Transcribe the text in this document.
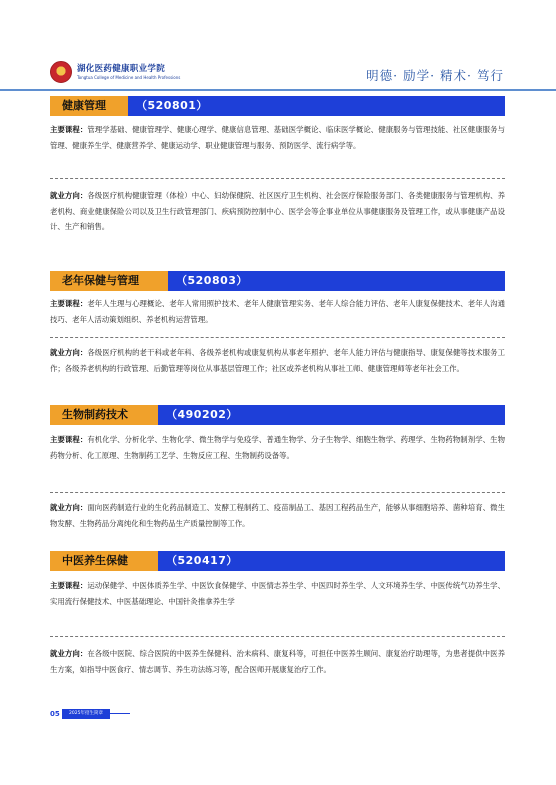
湖化医药健康职业学院
Tongtua College of Medicine and Health Professions	明德· 励学· 精术· 笃行
健康管理	（520801）
主要课程：管理学基础、健康管理学、健康心理学、健康信息管理、基础医学概论、临床医学概论、健康服务与管理技能、社区健康服务与管理、健康养生学、健康营养学、健康运动学、职业健康管理与服务、预防医学、流行病学等。
就业方向：各级医疗机构健康管理（体检）中心、妇幼保健院、社区医疗卫生机构、社会医疗保险服务部门、各类健康服务与管理机构、养老机构、商业健康保险公司以及卫生行政管理部门、疾病预防控制中心、医学会等企事业单位从事健康服务及管理工作，或从事健康产品设计、生产和销售。
老年保健与管理	（520803）
主要课程：老年人生理与心理概论、老年人常用照护技术、老年人健康管理实务、老年人综合能力评估、老年人康复保健技术、老年人沟通技巧、老年人活动策划组织、养老机构运营管理。
就业方向：各级医疗机构的老干科或老年科、各级养老机构或康复机构从事老年照护、老年人能力评估与健康指导、康复保健等技术服务工作；各级养老机构的行政管理、后勤管理等岗位从事基层管理工作；社区或养老机构从事社工师、健康管理师等老年社会工作。
生物制药技术	（490202）
主要课程：有机化学、分析化学、生物化学、微生物学与免疫学、普通生物学、分子生物学、细胞生物学、药理学、生物药物制剂学、生物药物分析、化工原理、生物制药工艺学、生物反应工程、生物制药设备等。
就业方向：面向医药制造行业的生化药品制造工、发酵工程制药工、疫苗制品工、基因工程药品生产，能够从事细胞培养、菌种培育、微生物发酵、生物药品分离纯化和生物药品生产质量控制等工作。
中医养生保健	（520417）
主要课程：运动保健学、中医体质养生学、中医饮食保健学、中医情志养生学、中医四时养生学、人文环境养生学、中医传统气功养生学、实用流行保健技术、中医基础理论、中国针灸推拿养生学
就业方向：在各级中医院、综合医院的中医养生保健科、治未病科、康复科等，可担任中医养生顾问、康复治疗助理等，为患者提供中医养生方案，如指导中医食疗、情志调节、养生功法练习等，配合医师开展康复治疗工作。
05	2025年招生简章
